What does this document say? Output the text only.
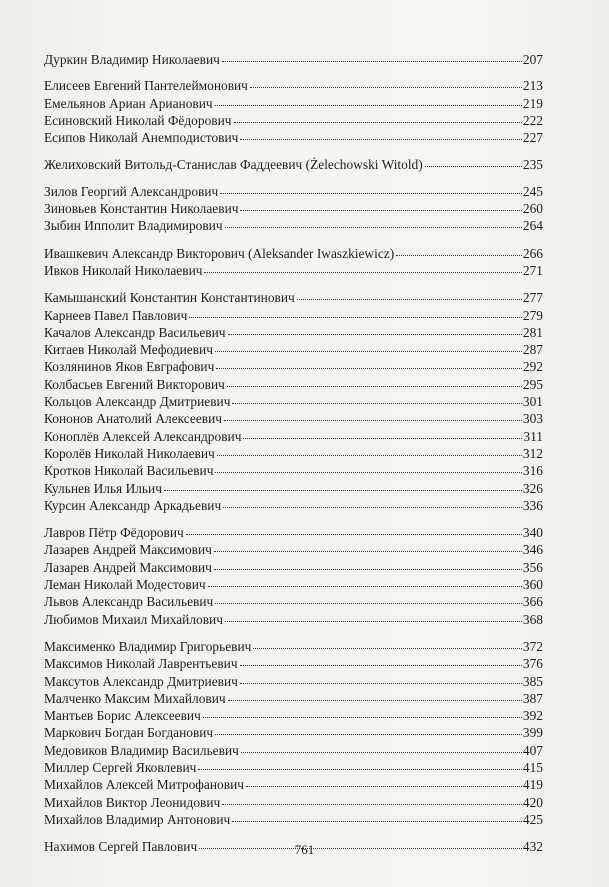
Дуркин Владимир Николаевич	207
Елисеев Евгений Пантелеймонович	213
Емельянов Ариан Арианович	219
Есиновский Николай Фёдорович	222
Есипов Николай Анемподистович	227
Желиховский Витольд-Станислав Фаддеевич (Żelechowski Witold)	235
Зилов Георгий Александрович	245
Зиновьев Константин Николаевич	260
Зыбин Ипполит Владимирович	264
Ивашкевич Александр Викторович (Aleksander Iwaszkiewicz)	266
Ивков Николай Николаевич	271
Камышанский Константин Константинович	277
Карнеев Павел Павлович	279
Качалов Александр Васильевич	281
Китаев Николай Мефодиевич	287
Козлянинов Яков Евграфович	292
Колбасьев Евгений Викторович	295
Кольцов Александр Дмитриевич	301
Кононов Анатолий Алексеевич	303
Коноплёв Алексей Александрович	311
Королёв Николай Николаевич	312
Кротков Николай Васильевич	316
Кульнев Илья Ильич	326
Курсин Александр Аркадьевич	336
Лавров Пётр Фёдорович	340
Лазарев Андрей Максимович	346
Лазарев Андрей Максимович	356
Леман Николай Модестович	360
Львов Александр Васильевич	366
Любимов Михаил Михайлович	368
Максименко Владимир Григорьевич	372
Максимов Николай Лаврентьевич	376
Максутов Александр Дмитриевич	385
Малченко Максим Михайлович	387
Мантьев Борис Алексеевич	392
Маркович Богдан Богданович	399
Медовиков Владимир Васильевич	407
Миллер Сергей Яковлевич	415
Михайлов Алексей Митрофанович	419
Михайлов Виктор Леонидович	420
Михайлов Владимир Антонович	425
Нахимов Сергей Павлович	432
761
